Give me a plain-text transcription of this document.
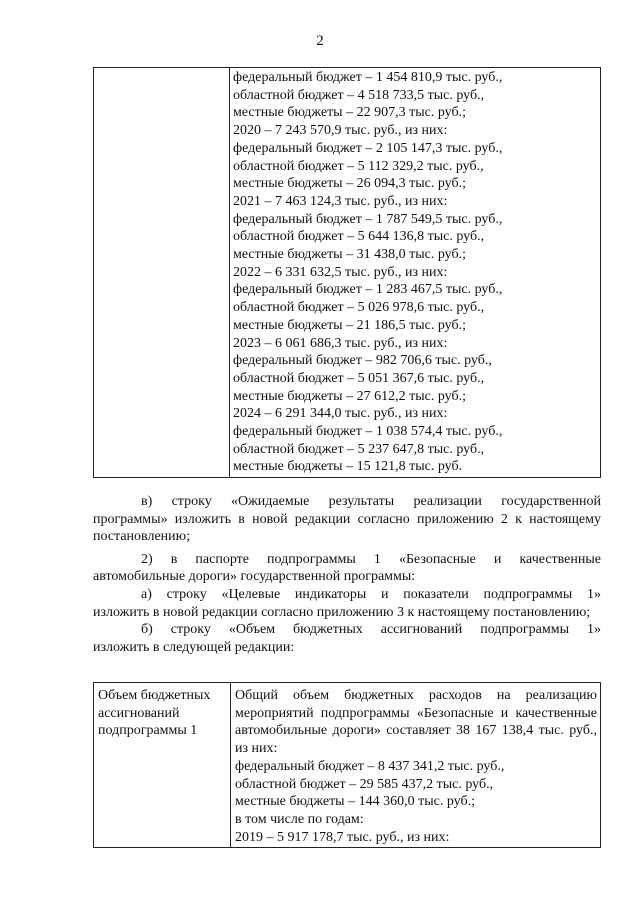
2

федеральный бюджет – 1 454 810,9 тыс. руб.,
областной бюджет – 4 518 733,5 тыс. руб.,
местные бюджеты – 22 907,3 тыс. руб.;
2020 – 7 243 570,9 тыс. руб., из них:
федеральный бюджет – 2 105 147,3 тыс. руб.,
областной бюджет – 5 112 329,2 тыс. руб.,
местные бюджеты – 26 094,3 тыс. руб.;
2021 – 7 463 124,3 тыс. руб., из них:
федеральный бюджет – 1 787 549,5 тыс. руб.,
областной бюджет – 5 644 136,8 тыс. руб.,
местные бюджеты – 31 438,0 тыс. руб.;
2022 – 6 331 632,5 тыс. руб., из них:
федеральный бюджет – 1 283 467,5 тыс. руб.,
областной бюджет – 5 026 978,6 тыс. руб.,
местные бюджеты – 21 186,5 тыс. руб.;
2023 – 6 061 686,3 тыс. руб., из них:
федеральный бюджет – 982 706,6 тыс. руб.,
областной бюджет – 5 051 367,6 тыс. руб.,
местные бюджеты – 27 612,2 тыс. руб.;
2024 – 6 291 344,0 тыс. руб., из них:
федеральный бюджет – 1 038 574,4 тыс. руб.,
областной бюджет – 5 237 647,8 тыс. руб.,
местные бюджеты – 15 121,8 тыс. руб.
в) строку «Ожидаемые результаты реализации государственной
программы» изложить в новой редакции согласно приложению 2 к настоящему постановлению;
2) в паспорте подпрограммы 1 «Безопасные и качественные
автомобильные дороги» государственной программы:
а) строку «Целевые индикаторы и показатели подпрограммы 1»
изложить в новой редакции согласно приложению 3 к настоящему постановлению;
б) строку «Объем бюджетных ассигнований подпрограммы 1»
изложить в следующей редакции:
Объем бюджетных
ассигнований
подпрограммы 1
	Общий объем бюджетных расходов на реализацию мероприятий подпрограммы «Безопасные и качественные автомобильные дороги» составляет 38 167 138,4 тыс. руб., из них:
федеральный бюджет – 8 437 341,2 тыс. руб.,
областной бюджет – 29 585 437,2 тыс. руб.,
местные бюджеты – 144 360,0 тыс. руб.;
в том числе по годам:
2019 – 5 917 178,7 тыс. руб., из них:
